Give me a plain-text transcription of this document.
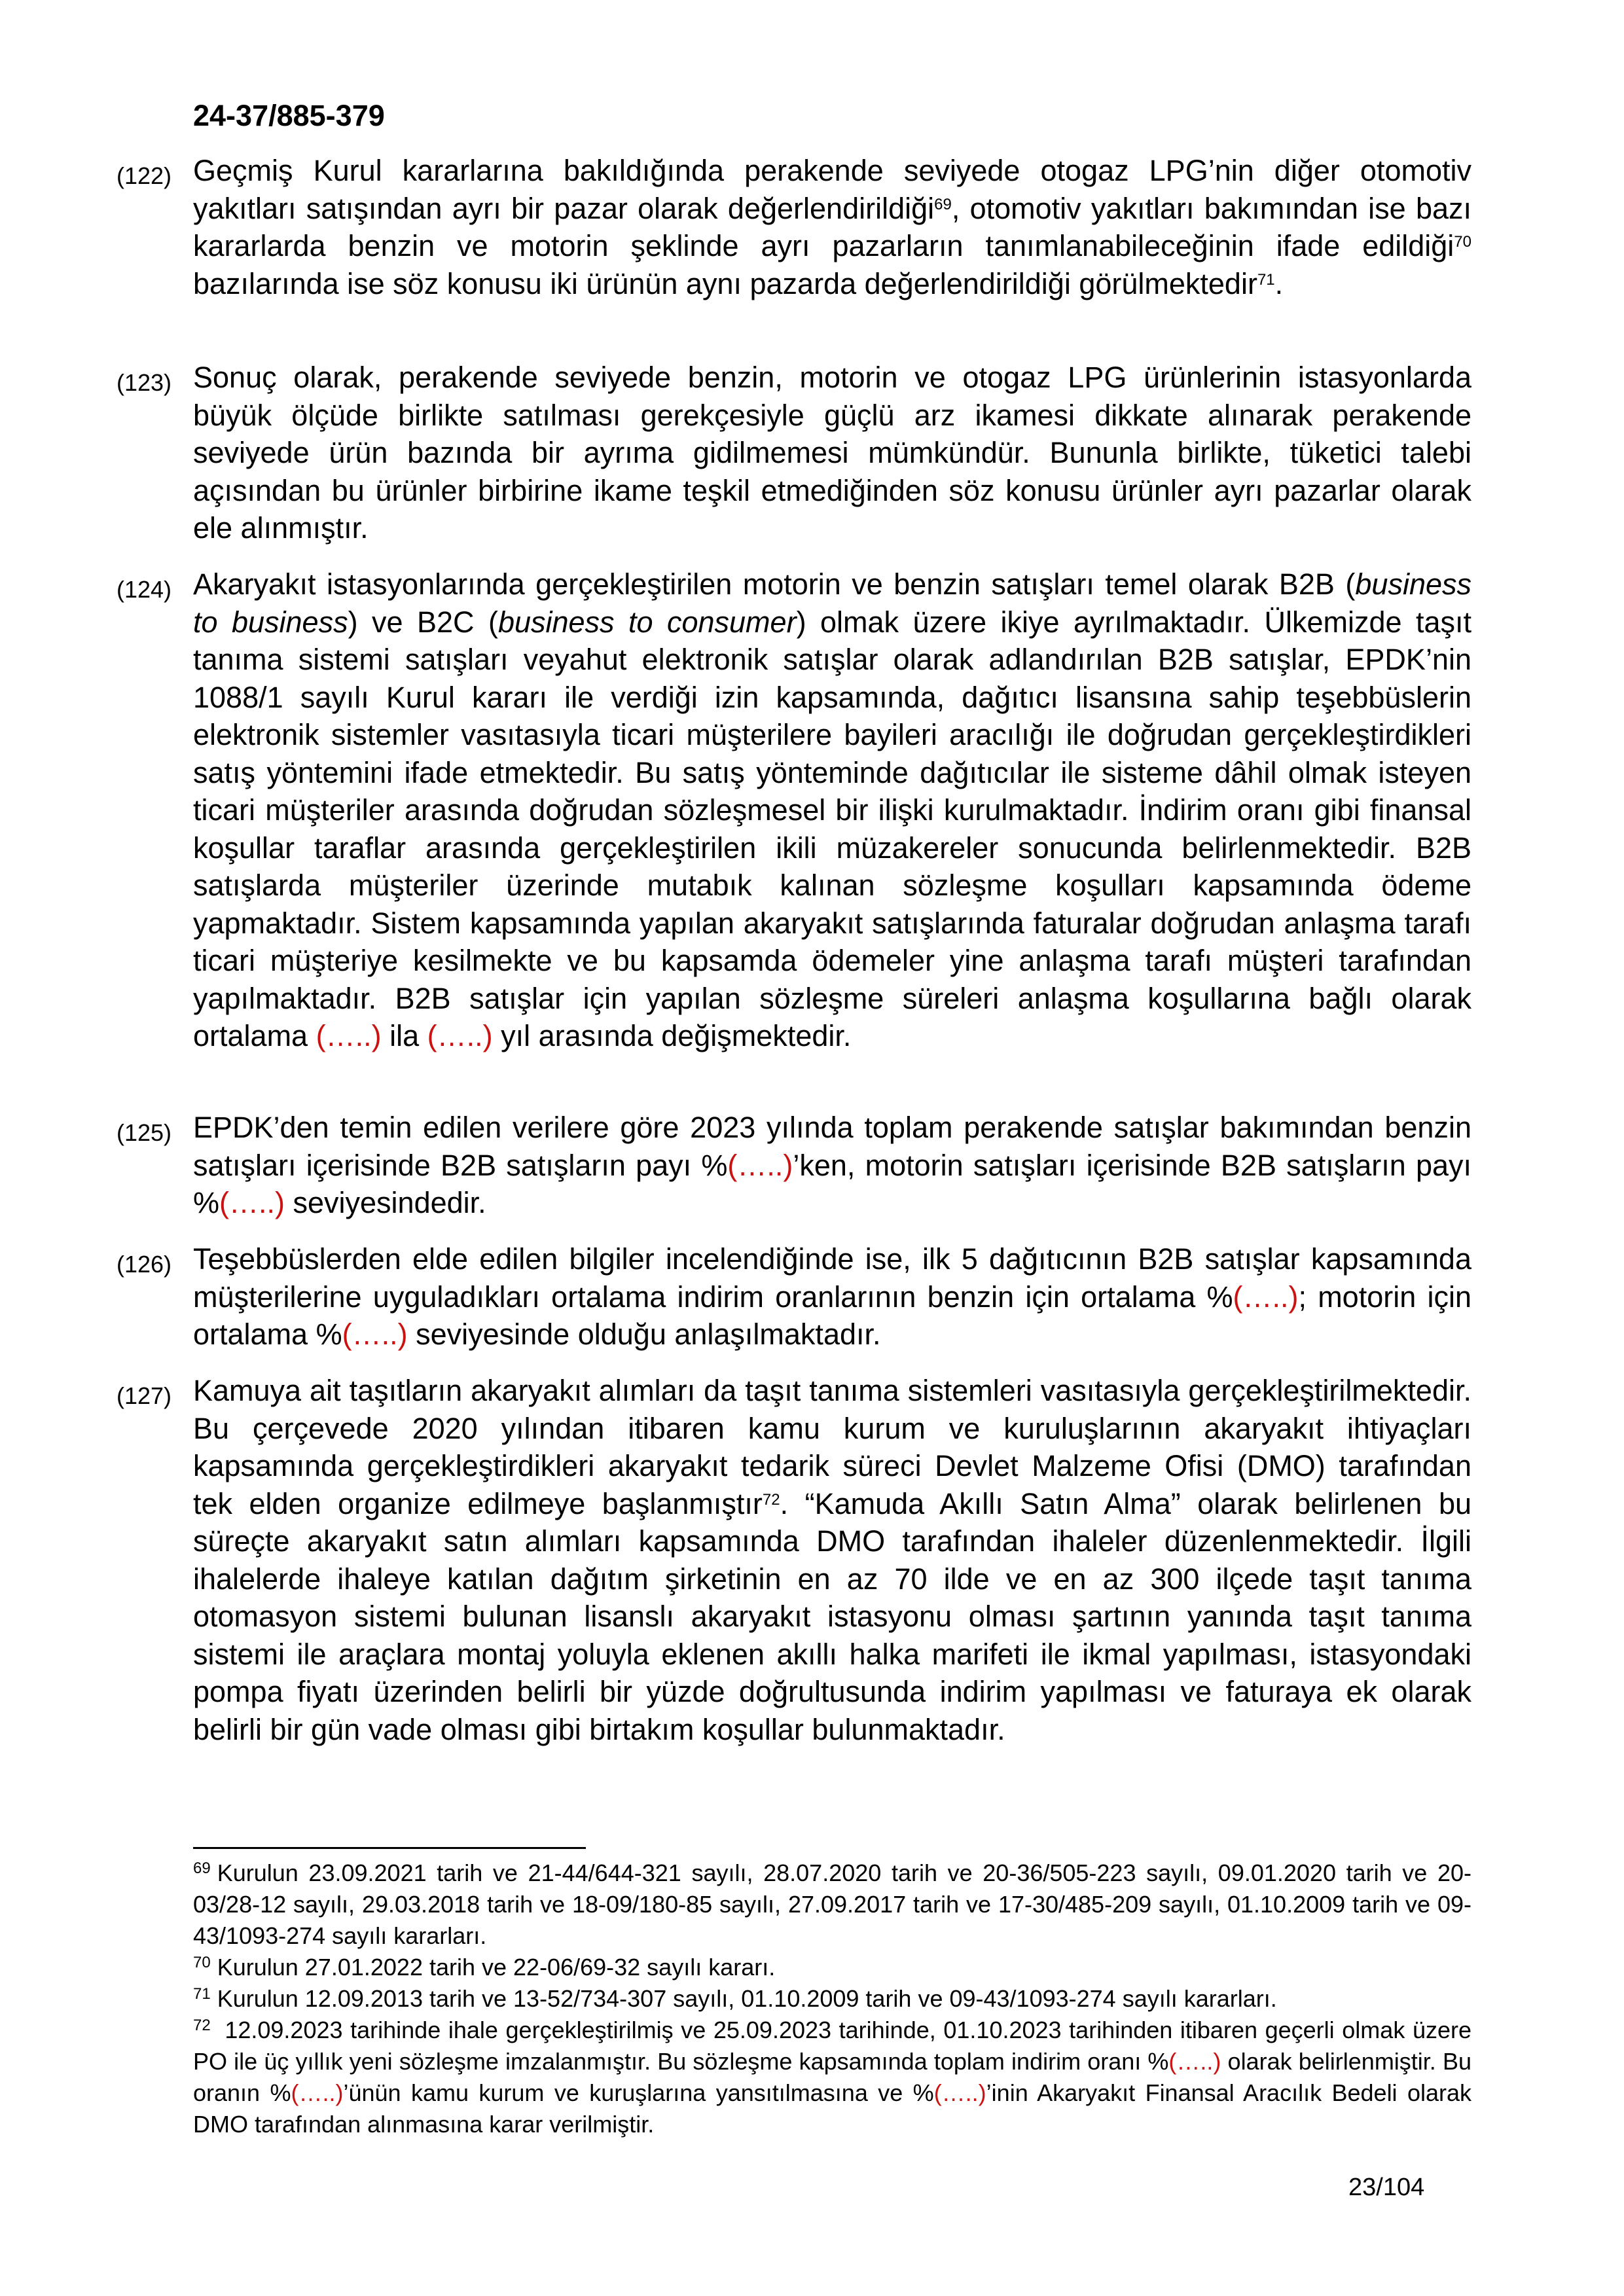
24-37/885-379
(122) Geçmiş Kurul kararlarına bakıldığında perakende seviyede otogaz LPG’nin diğer otomotiv yakıtları satışından ayrı bir pazar olarak değerlendirildiği$^{69}$, otomotiv yakıtları bakımından ise bazı kararlarda benzin ve motorin şeklinde ayrı pazarların tanımlanabileceğinin ifade edildiği$^{70}$ bazılarında ise söz konusu iki ürünün aynı pazarda değerlendirildiği görülmektedir$^{71}$.
(123) Sonuç olarak, perakende seviyede benzin, motorin ve otogaz LPG ürünlerinin istasyonlarda büyük ölçüde birlikte satılması gerekçesiyle güçlü arz ikamesi dikkate alınarak perakende seviyede ürün bazında bir ayrıma gidilmemesi mümkündür. Bununla birlikte, tüketici talebi açısından bu ürünler birbirine ikame teşkil etmediğinden söz konusu ürünler ayrı pazarlar olarak ele alınmıştır.
(124) Akaryakıt istasyonlarında gerçekleştirilen motorin ve benzin satışları temel olarak B2B (business to business) ve B2C (business to consumer) olmak üzere ikiye ayrılmaktadır. Ülkemizde taşıt tanıma sistemi satışları veyahut elektronik satışlar olarak adlandırılan B2B satışlar, EPDK’nin 1088/1 sayılı Kurul kararı ile verdiği izin kapsamında, dağıtıcı lisansına sahip teşebbüslerin elektronik sistemler vasıtasıyla ticari müşterilere bayileri aracılığı ile doğrudan gerçekleştirdikleri satış yöntemini ifade etmektedir. Bu satış yönteminde dağıtıcılar ile sisteme dâhil olmak isteyen ticari müşteriler arasında doğrudan sözleşmesel bir ilişki kurulmaktadır. İndirim oranı gibi finansal koşullar taraflar arasında gerçekleştirilen ikili müzakereler sonucunda belirlenmektedir. B2B satışlarda müşteriler üzerinde mutabık kalınan sözleşme koşulları kapsamında ödeme yapmaktadır. Sistem kapsamında yapılan akaryakıt satışlarında faturalar doğrudan anlaşma tarafı ticari müşteriye kesilmekte ve bu kapsamda ödemeler yine anlaşma tarafı müşteri tarafından yapılmaktadır. B2B satışlar için yapılan sözleşme süreleri anlaşma koşullarına bağlı olarak ortalama (…..) ila (…..) yıl arasında değişmektedir.
(125) EPDK’den temin edilen verilere göre 2023 yılında toplam perakende satışlar bakımından benzin satışları içerisinde B2B satışların payı %(…..)’ken, motorin satışları içerisinde B2B satışların payı %(…..) seviyesindedir.
(126) Teşebbüslerden elde edilen bilgiler incelendiğinde ise, ilk 5 dağıtıcının B2B satışlar kapsamında müşterilerine uyguladıkları ortalama indirim oranlarının benzin için ortalama %(…..); motorin için ortalama %(…..) seviyesinde olduğu anlaşılmaktadır.
(127) Kamuya ait taşıtların akaryakıt alımları da taşıt tanıma sistemleri vasıtasıyla gerçekleştirilmektedir. Bu çerçevede 2020 yılından itibaren kamu kurum ve kuruluşlarının akaryakıt ihtiyaçları kapsamında gerçekleştirdikleri akaryakıt tedarik süreci Devlet Malzeme Ofisi (DMO) tarafından tek elden organize edilmeye başlanmıştır$^{72}$. “Kamuda Akıllı Satın Alma” olarak belirlenen bu süreçte akaryakıt satın alımları kapsamında DMO tarafından ihaleler düzenlenmektedir. İlgili ihalelerde ihaleye katılan dağıtım şirketinin en az 70 ilde ve en az 300 ilçede taşıt tanıma otomasyon sistemi bulunan lisanslı akaryakıt istasyonu olması şartının yanında taşıt tanıma sistemi ile araçlara montaj yoluyla eklenen akıllı halka marifeti ile ikmal yapılması, istasyondaki pompa fiyatı üzerinden belirli bir yüzde doğrultusunda indirim yapılması ve faturaya ek olarak belirli bir gün vade olması gibi birtakım koşullar bulunmaktadır.

$^{69}$ Kurulun 23.09.2021 tarih ve 21-44/644-321 sayılı, 28.07.2020 tarih ve 20-36/505-223 sayılı, 09.01.2020 tarih ve 20-03/28-12 sayılı, 29.03.2018 tarih ve 18-09/180-85 sayılı, 27.09.2017 tarih ve 17-30/485-209 sayılı, 01.10.2009 tarih ve 09-43/1093-274 sayılı kararları.

$^{70}$ Kurulun 27.01.2022 tarih ve 22-06/69-32 sayılı kararı.

$^{71}$ Kurulun 12.09.2013 tarih ve 13-52/734-307 sayılı, 01.10.2009 tarih ve 09-43/1093-274 sayılı kararları.

$^{72}$ 12.09.2023 tarihinde ihale gerçekleştirilmiş ve 25.09.2023 tarihinde, 01.10.2023 tarihinden itibaren geçerli olmak üzere PO ile üç yıllık yeni sözleşme imzalanmıştır. Bu sözleşme kapsamında toplam indirim oranı %(…..) olarak belirlenmiştir. Bu oranın %(…..)’ünün kamu kurum ve kuruşlarına yansıtılmasına ve %(…..)’inin Akaryakıt Finansal Aracılık Bedeli olarak DMO tarafından alınmasına karar verilmiştir.

23/104
